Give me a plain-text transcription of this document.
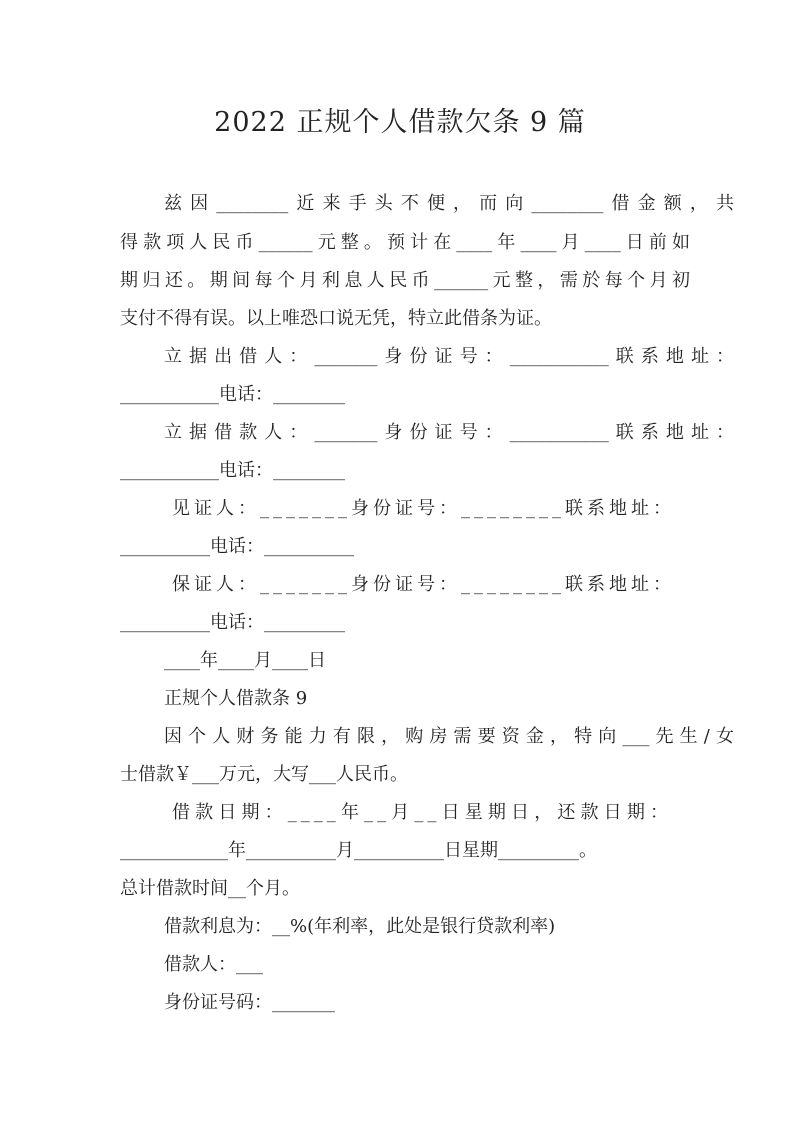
2022 正规个人借款欠条 9 篇
兹因________近来手头不便，而向________借金额，共
得款项人民币______元整。预计在____年____月____日前如
期归还。期间每个月利息人民币______元整，需於每个月初
支付不得有误。以上唯恐口说无凭，特立此借条为证。
立据出借人：_______身份证号：___________联系地址：
___________电话：________
立据借款人：_______身份证号：___________联系地址：
___________电话：________
见证人：_______身份证号：________联系地址：
__________电话：__________
保证人：_______身份证号：________联系地址：
__________电话：_________
____年____月____日
正规个人借款条 9
因个人财务能力有限，购房需要资金，特向___先生/女
士借款￥___万元，大写___人民币。
借款日期：____年__月__日星期日，还款日期：
____________年__________月__________日星期_________。
总计借款时间__个月。
借款利息为：__%(年利率，此处是银行贷款利率)
借款人：___
身份证号码：_______
